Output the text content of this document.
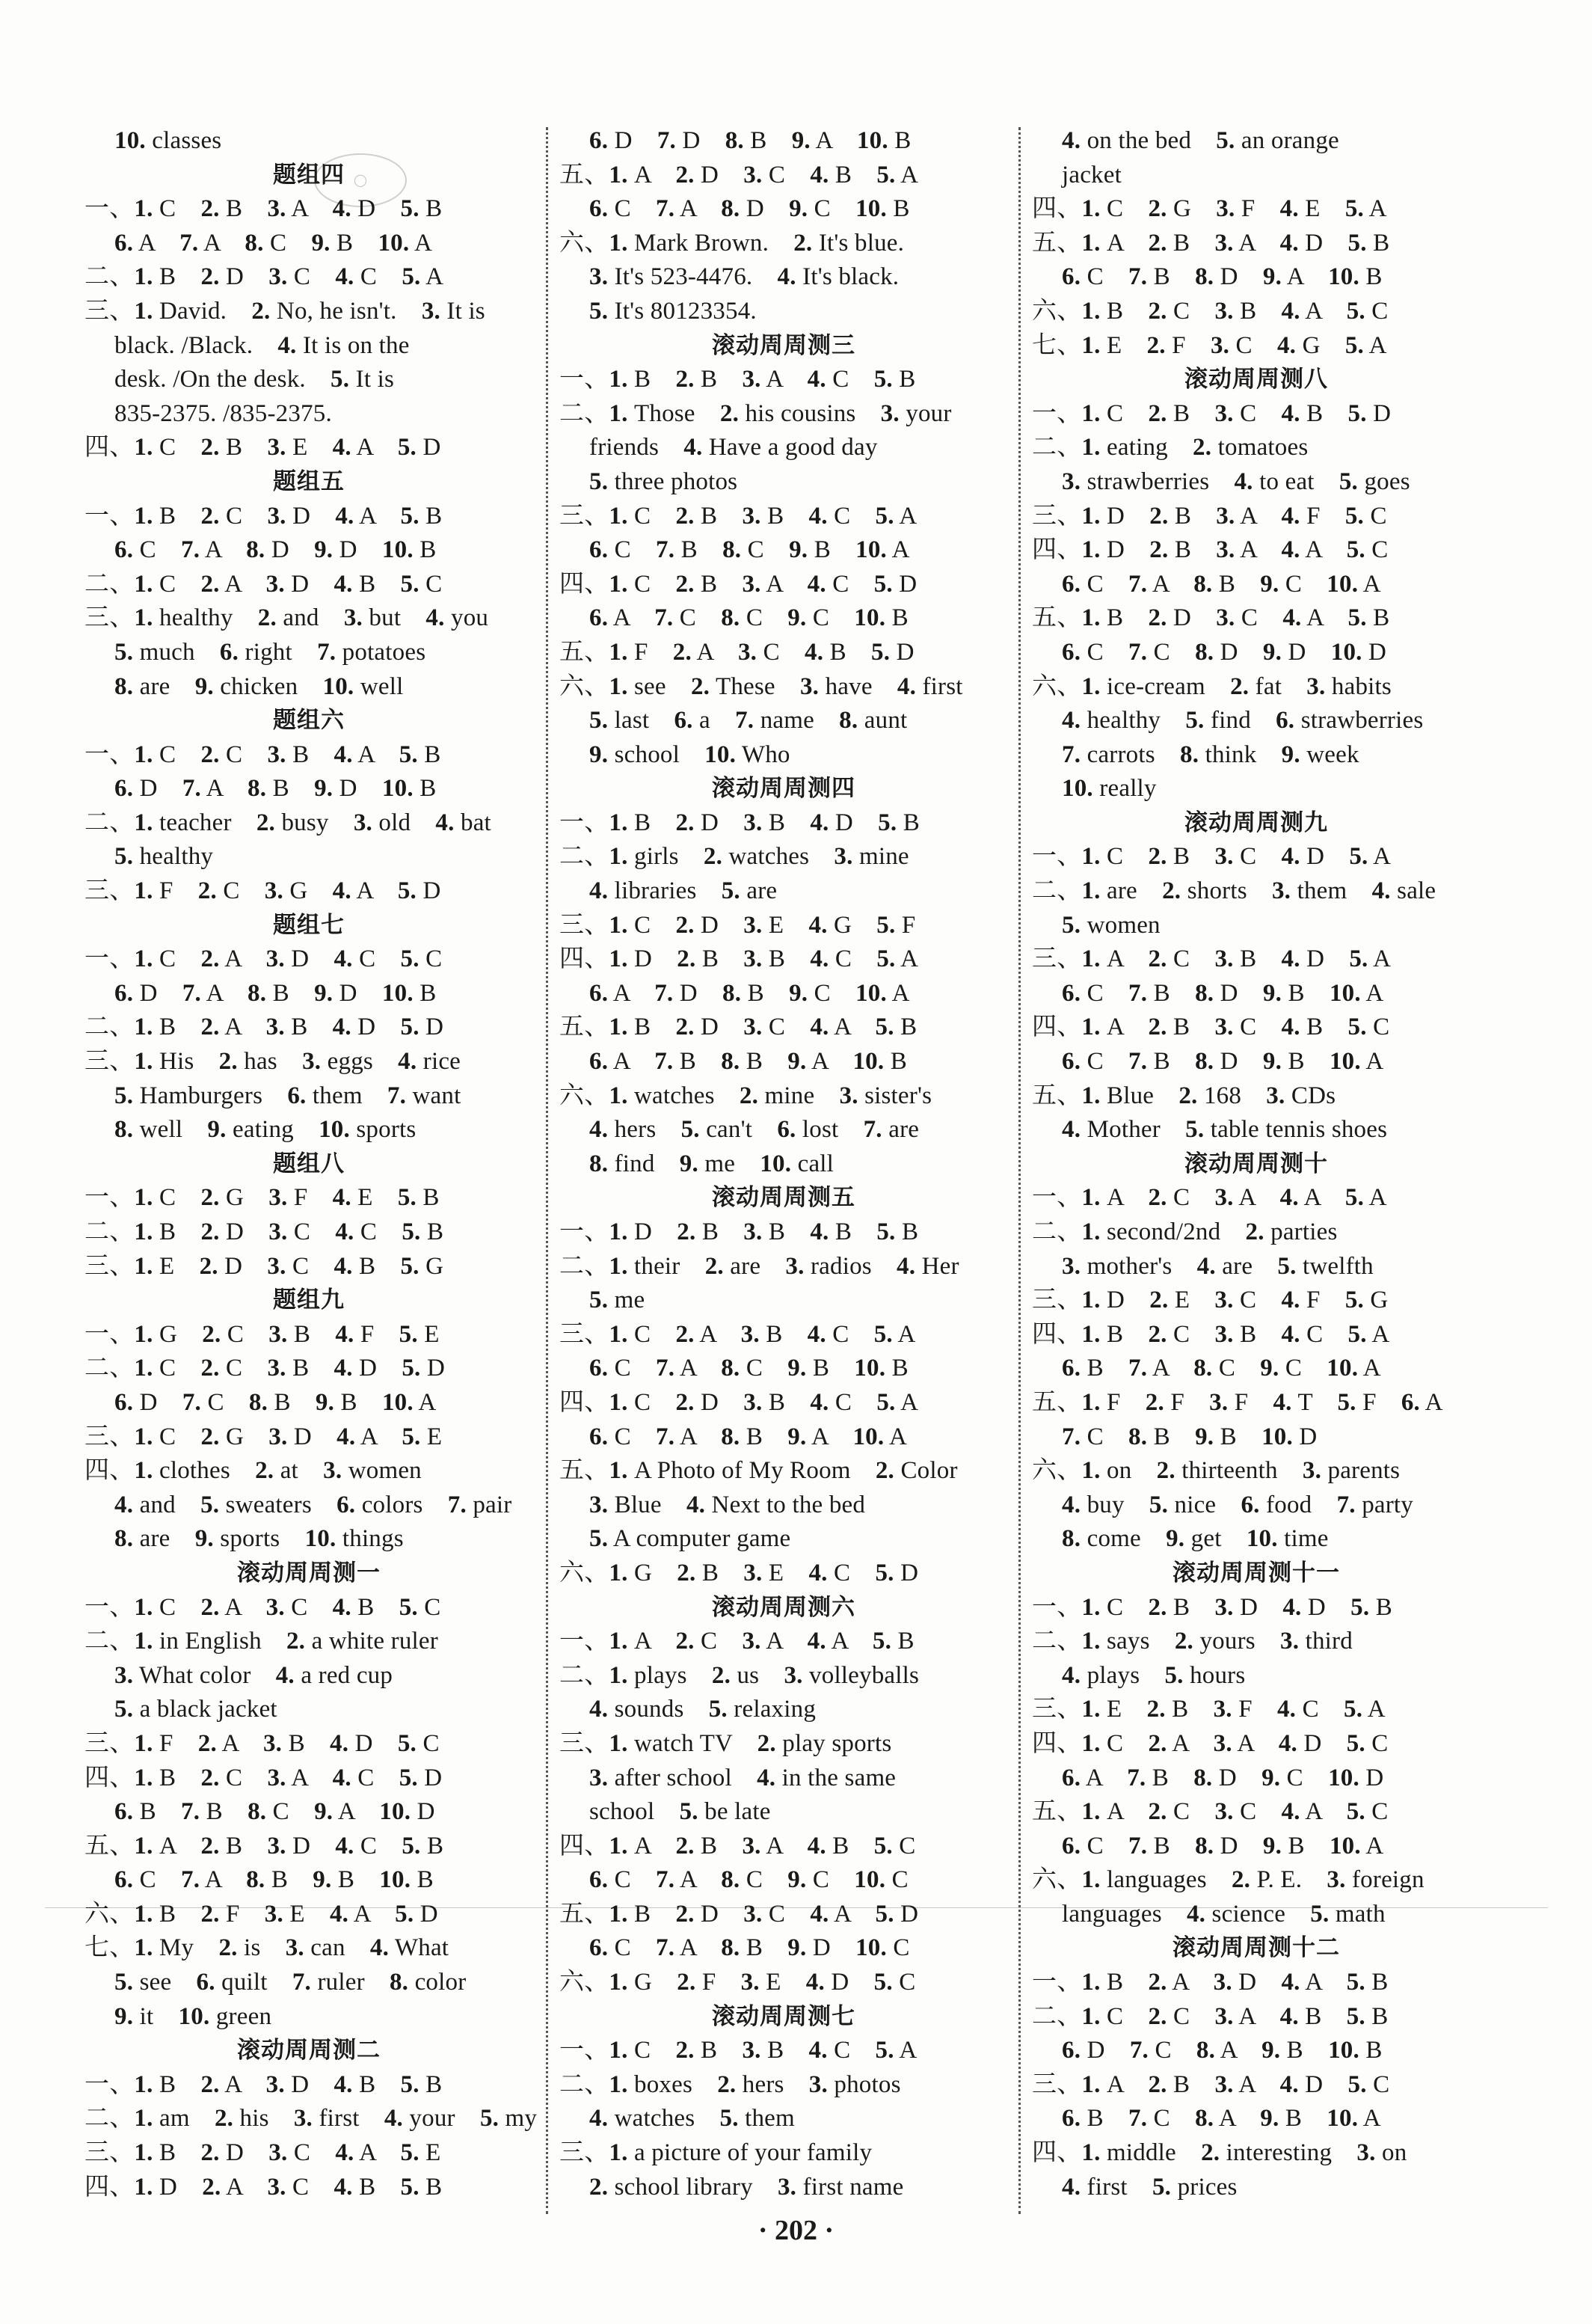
◯
10. classes
题组四
一、1. C　2. B　3. A　4. D　5. B
6. A　7. A　8. C　9. B　10. A
二、1. B　2. D　3. C　4. C　5. A
三、1. David.　2. No, he isn't.　3. It is
black. /Black.　4. It is on the
desk. /On the desk.　5. It is
835-2375. /835-2375.
四、1. C　2. B　3. E　4. A　5. D
题组五
一、1. B　2. C　3. D　4. A　5. B
6. C　7. A　8. D　9. D　10. B
二、1. C　2. A　3. D　4. B　5. C
三、1. healthy　2. and　3. but　4. you
5. much　6. right　7. potatoes
8. are　9. chicken　10. well
题组六
一、1. C　2. C　3. B　4. A　5. B
6. D　7. A　8. B　9. D　10. B
二、1. teacher　2. busy　3. old　4. bat
5. healthy
三、1. F　2. C　3. G　4. A　5. D
题组七
一、1. C　2. A　3. D　4. C　5. C
6. D　7. A　8. B　9. D　10. B
二、1. B　2. A　3. B　4. D　5. D
三、1. His　2. has　3. eggs　4. rice
5. Hamburgers　6. them　7. want
8. well　9. eating　10. sports
题组八
一、1. C　2. G　3. F　4. E　5. B
二、1. B　2. D　3. C　4. C　5. B
三、1. E　2. D　3. C　4. B　5. G
题组九
一、1. G　2. C　3. B　4. F　5. E
二、1. C　2. C　3. B　4. D　5. D
6. D　7. C　8. B　9. B　10. A
三、1. C　2. G　3. D　4. A　5. E
四、1. clothes　2. at　3. women
4. and　5. sweaters　6. colors　7. pair
8. are　9. sports　10. things
滚动周周测一
一、1. C　2. A　3. C　4. B　5. C
二、1. in English　2. a white ruler
3. What color　4. a red cup
5. a black jacket
三、1. F　2. A　3. B　4. D　5. C
四、1. B　2. C　3. A　4. C　5. D
6. B　7. B　8. C　9. A　10. D
五、1. A　2. B　3. D　4. C　5. B
6. C　7. A　8. B　9. B　10. B
六、1. B　2. F　3. E　4. A　5. D
七、1. My　2. is　3. can　4. What
5. see　6. quilt　7. ruler　8. color
9. it　10. green
滚动周周测二
一、1. B　2. A　3. D　4. B　5. B
二、1. am　2. his　3. first　4. your　5. my
三、1. B　2. D　3. C　4. A　5. E
四、1. D　2. A　3. C　4. B　5. B
6. D　7. D　8. B　9. A　10. B
五、1. A　2. D　3. C　4. B　5. A
6. C　7. A　8. D　9. C　10. B
六、1. Mark Brown.　2. It's blue.
3. It's 523-4476.　4. It's black.
5. It's 80123354.
滚动周周测三
一、1. B　2. B　3. A　4. C　5. B
二、1. Those　2. his cousins　3. your
friends　4. Have a good day
5. three photos
三、1. C　2. B　3. B　4. C　5. A
6. C　7. B　8. C　9. B　10. A
四、1. C　2. B　3. A　4. C　5. D
6. A　7. C　8. C　9. C　10. B
五、1. F　2. A　3. C　4. B　5. D
六、1. see　2. These　3. have　4. first
5. last　6. a　7. name　8. aunt
9. school　10. Who
滚动周周测四
一、1. B　2. D　3. B　4. D　5. B
二、1. girls　2. watches　3. mine
4. libraries　5. are
三、1. C　2. D　3. E　4. G　5. F
四、1. D　2. B　3. B　4. C　5. A
6. A　7. D　8. B　9. C　10. A
五、1. B　2. D　3. C　4. A　5. B
6. A　7. B　8. B　9. A　10. B
六、1. watches　2. mine　3. sister's
4. hers　5. can't　6. lost　7. are
8. find　9. me　10. call
滚动周周测五
一、1. D　2. B　3. B　4. B　5. B
二、1. their　2. are　3. radios　4. Her
5. me
三、1. C　2. A　3. B　4. C　5. A
6. C　7. A　8. C　9. B　10. B
四、1. C　2. D　3. B　4. C　5. A
6. C　7. A　8. B　9. A　10. A
五、1. A Photo of My Room　2. Color
3. Blue　4. Next to the bed
5. A computer game
六、1. G　2. B　3. E　4. C　5. D
滚动周周测六
一、1. A　2. C　3. A　4. A　5. B
二、1. plays　2. us　3. volleyballs
4. sounds　5. relaxing
三、1. watch TV　2. play sports
3. after school　4. in the same
school　5. be late
四、1. A　2. B　3. A　4. B　5. C
6. C　7. A　8. C　9. C　10. C
五、1. B　2. D　3. C　4. A　5. D
6. C　7. A　8. B　9. D　10. C
六、1. G　2. F　3. E　4. D　5. C
滚动周周测七
一、1. C　2. B　3. B　4. C　5. A
二、1. boxes　2. hers　3. photos
4. watches　5. them
三、1. a picture of your family
2. school library　3. first name
4. on the bed　5. an orange
jacket
四、1. C　2. G　3. F　4. E　5. A
五、1. A　2. B　3. A　4. D　5. B
6. C　7. B　8. D　9. A　10. B
六、1. B　2. C　3. B　4. A　5. C
七、1. E　2. F　3. C　4. G　5. A
滚动周周测八
一、1. C　2. B　3. C　4. B　5. D
二、1. eating　2. tomatoes
3. strawberries　4. to eat　5. goes
三、1. D　2. B　3. A　4. F　5. C
四、1. D　2. B　3. A　4. A　5. C
6. C　7. A　8. B　9. C　10. A
五、1. B　2. D　3. C　4. A　5. B
6. C　7. C　8. D　9. D　10. D
六、1. ice-cream　2. fat　3. habits
4. healthy　5. find　6. strawberries
7. carrots　8. think　9. week
10. really
滚动周周测九
一、1. C　2. B　3. C　4. D　5. A
二、1. are　2. shorts　3. them　4. sale
5. women
三、1. A　2. C　3. B　4. D　5. A
6. C　7. B　8. D　9. B　10. A
四、1. A　2. B　3. C　4. B　5. C
6. C　7. B　8. D　9. B　10. A
五、1. Blue　2. 168　3. CDs
4. Mother　5. table tennis shoes
滚动周周测十
一、1. A　2. C　3. A　4. A　5. A
二、1. second/2nd　2. parties
3. mother's　4. are　5. twelfth
三、1. D　2. E　3. C　4. F　5. G
四、1. B　2. C　3. B　4. C　5. A
6. B　7. A　8. C　9. C　10. A
五、1. F　2. F　3. F　4. T　5. F　6. A
7. C　8. B　9. B　10. D
六、1. on　2. thirteenth　3. parents
4. buy　5. nice　6. food　7. party
8. come　9. get　10. time
滚动周周测十一
一、1. C　2. B　3. D　4. D　5. B
二、1. says　2. yours　3. third
4. plays　5. hours
三、1. E　2. B　3. F　4. C　5. A
四、1. C　2. A　3. A　4. D　5. C
6. A　7. B　8. D　9. C　10. D
五、1. A　2. C　3. C　4. A　5. C
6. C　7. B　8. D　9. B　10. A
六、1. languages　2. P. E.　3. foreign
languages　4. science　5. math
滚动周周测十二
一、1. B　2. A　3. D　4. A　5. B
二、1. C　2. C　3. A　4. B　5. B
6. D　7. C　8. A　9. B　10. B
三、1. A　2. B　3. A　4. D　5. C
6. B　7. C　8. A　9. B　10. A
四、1. middle　2. interesting　3. on
4. first　5. prices
· 202 ·
